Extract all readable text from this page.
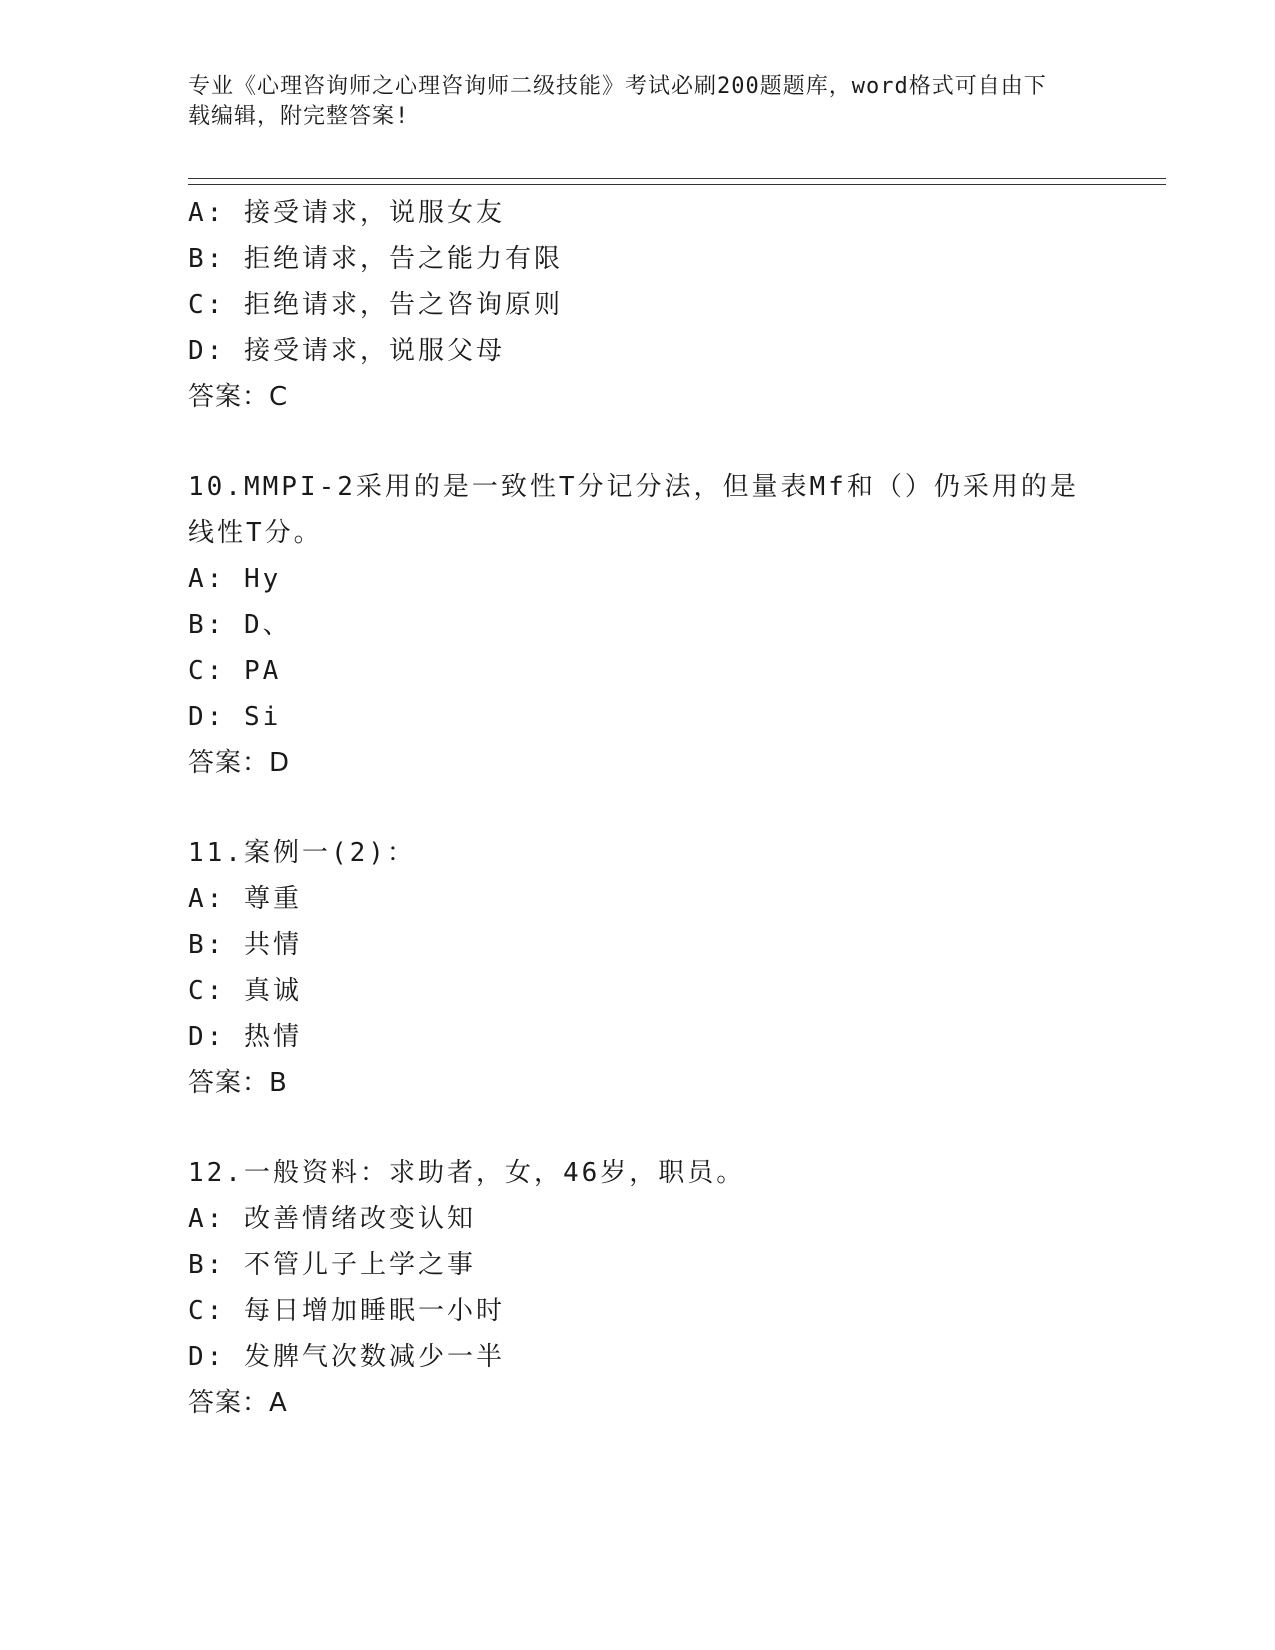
专业《心理咨询师之心理咨询师二级技能》考试必刷200题题库，word格式可自由下载编辑，附完整答案!
A: 接受请求，说服女友
B: 拒绝请求，告之能力有限
C: 拒绝请求，告之咨询原则
D: 接受请求，说服父母
答案：C
10.MMPI-2采用的是一致性T分记分法，但量表Mf和（）仍采用的是
线性T分。
A: Hy
B: D、
C: PA
D: Si
答案：D
11.案例一(2)：
A: 尊重
B: 共情
C: 真诚
D: 热情
答案：B
12.一般资料：求助者，女，46岁，职员。
A: 改善情绪改变认知
B: 不管儿子上学之事
C: 每日增加睡眠一小时
D: 发脾气次数减少一半
答案：A
